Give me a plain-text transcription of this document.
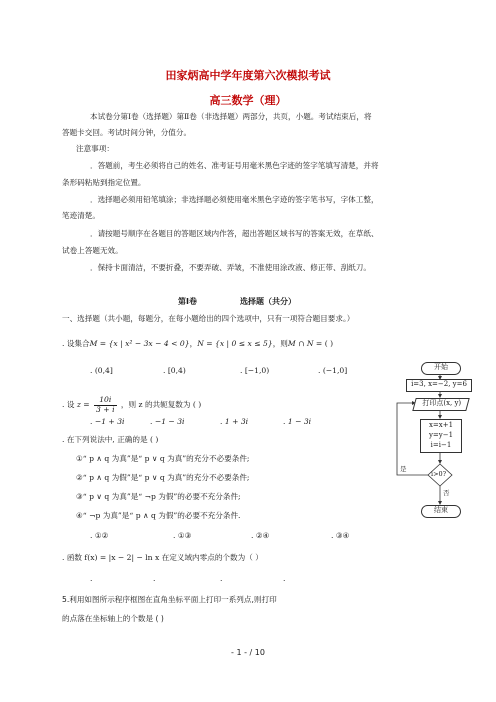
田家炳高中学年度第六次模拟考试
高三数学（理）
本试卷分第Ⅰ卷（选择题）第Ⅱ卷（非选择题）两部分，共页，小题。考试结束后，将
答题卡交回。考试时间分钟，分值分。
注意事项：
．答题前，考生必须将自己的姓名、准考证号用毫米黑色字迹的签字笔填写清楚，并将
条形码粘贴到指定位置。
．选择题必须用铅笔填涂；非选择题必须使用毫米黑色字迹的签字笔书写，字体工整，
笔迹清楚。
．请按题号顺序在各题目的答题区域内作答，超出答题区域书写的答案无效，在草纸、
试卷上答题无效。
．保持卡面清洁，不要折叠，不要弄破、弄皱，不准使用涂改液、修正带、刮纸刀。
第Ⅰ卷	选择题（共分）
一、选择题（共小题，每题分，在每小题给出的四个选项中，只有一项符合题目要求。）
. 设集合M = {x | x² − 3x − 4 < 0}，N = {x | 0 ≤ x ≤ 5}，则M ∩ N = ( )
. (0,4]	. [0,4)	. [−1,0)	. (−1,0]
. 设 $z = \frac{10i}{3 + i}$ ，则 z 的共轭复数为 ( )
. −1 + 3i	. −1 − 3i	. 1 + 3i	. 1 − 3i
. 在下列说法中, 正确的是 ( )
①“ p ∧ q 为真”是“ p ∨ q 为真”的充分不必要条件;
②“ p ∧ q 为假”是“ p ∨ q 为真”的充分不必要条件;
③“ p ∨ q 为真”是“ ¬p 为假”的必要不充分条件;
④“ ¬p 为真”是“ p ∧ q 为假”的必要不充分条件.
. ①②	. ①③	. ②④	. ③④
. 函数 f(x) = |x − 2| − ln x 在定义域内零点的个数为（ ）
.	.	.	.
5.利用如图所示程序框图在直角坐标平面上打印一系列点,则打印
的点落在坐标轴上的个数是 ( )
开始
i=3, x=−2, y=6
打印点(x, y)
x=x+1
y=y−1
i=i−1
i>0?
是
否
结束
- 1 - / 10
